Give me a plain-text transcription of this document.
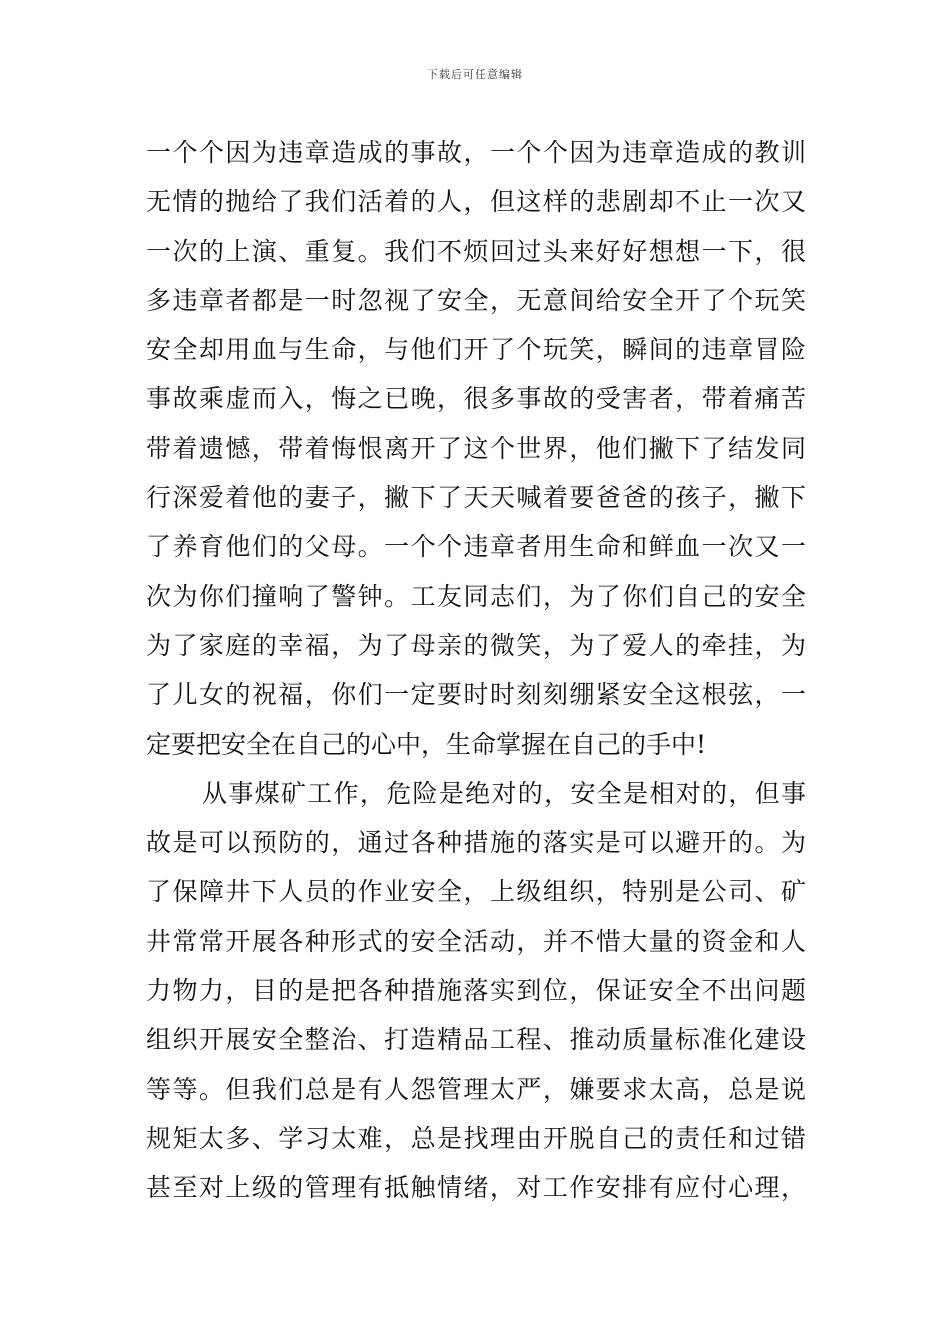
下载后可任意编辑
一个个因为违章造成的事故，一个个因为违章造成的教训
无情的抛给了我们活着的人，但这样的悲剧却不止一次又
一次的上演、重复。我们不烦回过头来好好想想一下，很
多违章者都是一时忽视了安全，无意间给安全开了个玩笑
安全却用血与生命，与他们开了个玩笑，瞬间的违章冒险
事故乘虚而入，悔之已晚，很多事故的受害者，带着痛苦
带着遗憾，带着悔恨离开了这个世界，他们撇下了结发同
行深爱着他的妻子，撇下了天天喊着要爸爸的孩子，撇下
了养育他们的父母。一个个违章者用生命和鲜血一次又一
次为你们撞响了警钟。工友同志们，为了你们自己的安全
为了家庭的幸福，为了母亲的微笑，为了爱人的牵挂，为
了儿女的祝福，你们一定要时时刻刻绷紧安全这根弦，一
定要把安全在自己的心中，生命掌握在自己的手中!
从事煤矿工作，危险是绝对的，安全是相对的，但事
故是可以预防的，通过各种措施的落实是可以避开的。为
了保障井下人员的作业安全，上级组织，特别是公司、矿
井常常开展各种形式的安全活动，并不惜大量的资金和人
力物力，目的是把各种措施落实到位，保证安全不出问题
组织开展安全整治、打造精品工程、推动质量标准化建设
等等。但我们总是有人怨管理太严，嫌要求太高，总是说
规矩太多、学习太难，总是找理由开脱自己的责任和过错
甚至对上级的管理有抵触情绪，对工作安排有应付心理，
